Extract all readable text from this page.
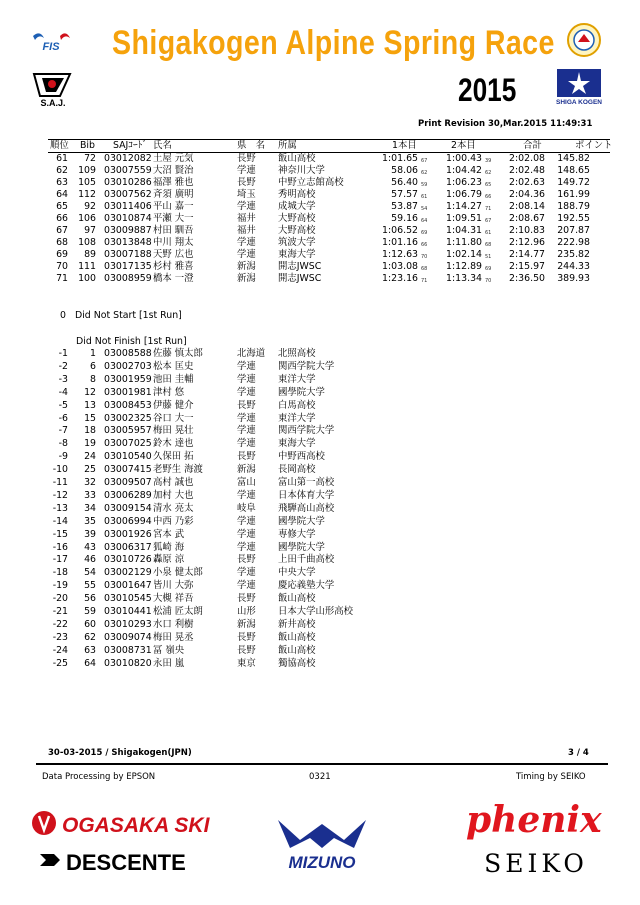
FIS
S.A.J.
Shigakogen Alpine Spring Race
2015	SHIGA KOGEN
Print Revision 30,Mar.2015 11:49:31
順位 Bib SAJｺｰﾄﾞ 氏名	県　名 所属	1本目	2本目	合計	ポイント
61	72 03012082 土屋 元気	長野 飯山高校	1:01.65 67	1:00.43 39	2:02.08	145.82
62	109 03007559 大沼 賢治	学連 神奈川大学	58.06 62	1:04.42 62	2:02.48	148.65
63	105 03010286 福澤 雅也	長野 中野立志館高校	56.40 59	1:06.23 65	2:02.63	149.72
64	112 03007562 斉須 廣明	埼玉 秀明高校	57.57 61	1:06.79 66	2:04.36	161.99
65	92 03011406 平山 嘉一	学連 成城大学	53.87 54	1:14.27 71	2:08.14	188.79
66	106 03010874 平瀬 大一	福井 大野高校	59.16 64	1:09.51 67	2:08.67	192.55
67	97 03009887 村田 馴吾	福井 大野高校	1:06.52 69	1:04.31 61	2:10.83	207.87
68	108 03013848 中川 翔太	学連 筑波大学	1:01.16 66	1:11.80 68	2:12.96	222.98
69	89 03007188 天野 広也	学連 東海大学	1:12.63 70	1:02.14 51	2:14.77	235.82
70	111 03017135 杉村 雅喜	新潟 開志JWSC	1:03.08 68	1:12.89 69	2:15.97	244.33
71	100 03008959 橋本 一澄	新潟 開志JWSC	1:23.16 71	1:13.34 70	2:36.50	389.93
0 Did Not Start [1st Run]
Did Not Finish [1st Run]
-1	1 03008588 佐藤 慎太郎	北海道 北照高校
-2	6 03002703 松本 匡史	学連 関西学院大学
-3	8 03001959 池田 圭輔	学連 東洋大学
-4	12 03001981 津村 悠	学連 國學院大学
-5	13 03008453 伊藤 健介	長野 白馬高校
-6	15 03002325 谷口 大一	学連 東洋大学
-7	18 03005957 梅田 晃壮	学連 関西学院大学
-8	19 03007025 鈴木 達也	学連 東海大学
-9	24 03010540 久保田 拓	長野 中野西高校
-10	25 03007415 老野生 海渡	新潟 長岡高校
-11	32 03009507 高村 誠也	富山 富山第一高校
-12	33 03006289 加村 大也	学連 日本体育大学
-13	34 03009154 清水 亮太	岐阜 飛騨高山高校
-14	35 03006994 中西 乃彩	学連 國學院大学
-15	39 03001926 宮本 武	学連 専修大学
-16	43 03006317 狐崎 海	学連 國學院大学
-17	46 03010726 轟原 涼	長野 上田千曲高校
-18	54 03002129 小泉 健太郎	学連 中央大学
-19	55 03001647 皆川 大弥	学連 慶応義塾大学
-20	56 03010545 大槻 祥吾	長野 飯山高校
-21	59 03010441 松浦 匠太朗	山形 日本大学山形高校
-22	60 03010293 水口 利樹	新潟 新井高校
-23	62 03009074 梅田 晃丞	長野 飯山高校
-24	63 03008731 冨 嶺央	長野 飯山高校
-25	64 03010820 永田 嵐	東京 獨協高校
30-03-2015 / Shigakogen(JPN)	3 / 4
Data Processing by EPSON	0321	Timing by SEIKO
OGASAKA SKI
DESCENTE	MIZUNO
phenix
SEIKO
